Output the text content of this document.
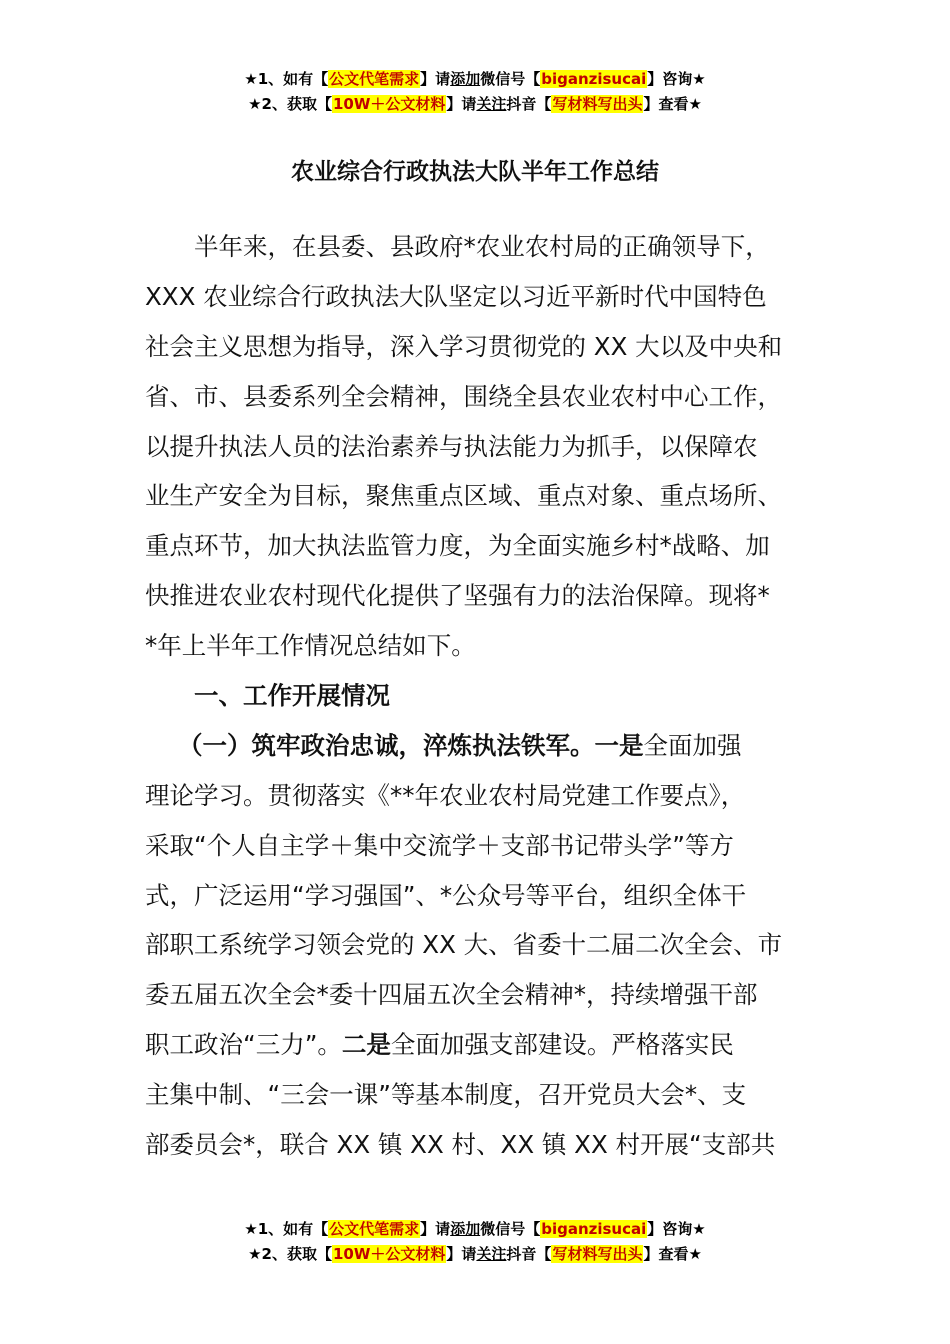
★1、如有【公文代笔需求】请添加微信号【biganzisucai】咨询★
★2、获取【10W＋公文材料】请关注抖音【写材料写出头】查看★
农业综合行政执法大队半年工作总结
　　半年来，在县委、县政府*农业农村局的正确领导下，
XXX 农业综合行政执法大队坚定以习近平新时代中国特色
社会主义思想为指导，深入学习贯彻党的 XX 大以及中央和
省、市、县委系列全会精神，围绕全县农业农村中心工作，
以提升执法人员的法治素养与执法能力为抓手，以保障农
业生产安全为目标，聚焦重点区域、重点对象、重点场所、
重点环节，加大执法监管力度，为全面实施乡村*战略、加
快推进农业农村现代化提供了坚强有力的法治保障。现将*
*年上半年工作情况总结如下。
　　一、工作开展情况
　 （一）筑牢政治忠诚，淬炼执法铁军。一是全面加强
理论学习。贯彻落实《**年农业农村局党建工作要点》，
采取“个人自主学＋集中交流学＋支部书记带头学”等方
式，广泛运用“学习强国”、*公众号等平台，组织全体干
部职工系统学习领会党的 XX 大、省委十二届二次全会、市
委五届五次全会*委十四届五次全会精神*，持续增强干部
职工政治“三力”。二是全面加强支部建设。严格落实民
主集中制、“三会一课”等基本制度，召开党员大会*、支
部委员会*，联合 XX 镇 XX 村、XX 镇 XX 村开展“支部共
★1、如有【公文代笔需求】请添加微信号【biganzisucai】咨询★
★2、获取【10W＋公文材料】请关注抖音【写材料写出头】查看★
